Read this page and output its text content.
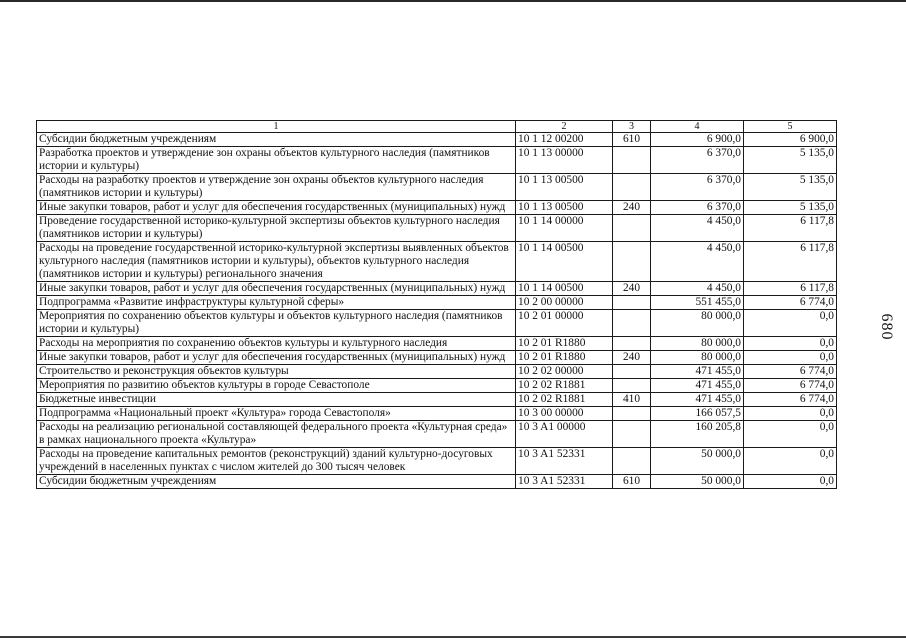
1	2	3	4	5
Субсидии бюджетным учреждениям	10 1 12 00200	610	6 900,0	6 900,0
Разработка проектов и утверждение зон охраны объектов культурного наследия (памятников истории и культуры)	10 1 13 00000		6 370,0	5 135,0
Расходы на разработку проектов и утверждение зон охраны объектов культурного наследия (памятников истории и культуры)	10 1 13 00500		6 370,0	5 135,0
Иные закупки товаров, работ и услуг для обеспечения государственных (муниципальных) нужд	10 1 13 00500	240	6 370,0	5 135,0
Проведение государственной историко-культурной экспертизы объектов культурного наследия (памятников истории и культуры)	10 1 14 00000		4 450,0	6 117,8
Расходы на проведение государственной историко-культурной экспертизы выявленных объектов культурного наследия (памятников истории и культуры), объектов культурного наследия (памятников истории и культуры) регионального значения	10 1 14 00500		4 450,0	6 117,8
Иные закупки товаров, работ и услуг для обеспечения государственных (муниципальных) нужд	10 1 14 00500	240	4 450,0	6 117,8
Подпрограмма «Развитие инфраструктуры культурной сферы»	10 2 00 00000		551 455,0	6 774,0
Мероприятия по сохранению объектов культуры и объектов культурного наследия (памятников истории и культуры)	10 2 01 00000		80 000,0	0,0
Расходы на мероприятия по сохранению объектов культуры и культурного наследия	10 2 01 R1880		80 000,0	0,0
Иные закупки товаров, работ и услуг для обеспечения государственных (муниципальных) нужд	10 2 01 R1880	240	80 000,0	0,0
Строительство и реконструкция объектов культуры	10 2 02 00000		471 455,0	6 774,0
Мероприятия по развитию объектов культуры в городе Севастополе	10 2 02 R1881		471 455,0	6 774,0
Бюджетные инвестиции	10 2 02 R1881	410	471 455,0	6 774,0
Подпрограмма «Национальный проект «Культура» города Севастополя»	10 3 00 00000		166 057,5	0,0
Расходы на реализацию региональной составляющей федерального проекта «Культурная среда» в рамках национального проекта «Культура»	10 3 A1 00000		160 205,8	0,0
Расходы на проведение капитальных ремонтов (реконструкций) зданий культурно-досуговых учреждений в населенных пунктах с числом жителей до 300 тысяч человек	10 3 A1 52331		50 000,0	0,0
Субсидии бюджетным учреждениям	10 3 A1 52331	610	50 000,0	0,0
680
